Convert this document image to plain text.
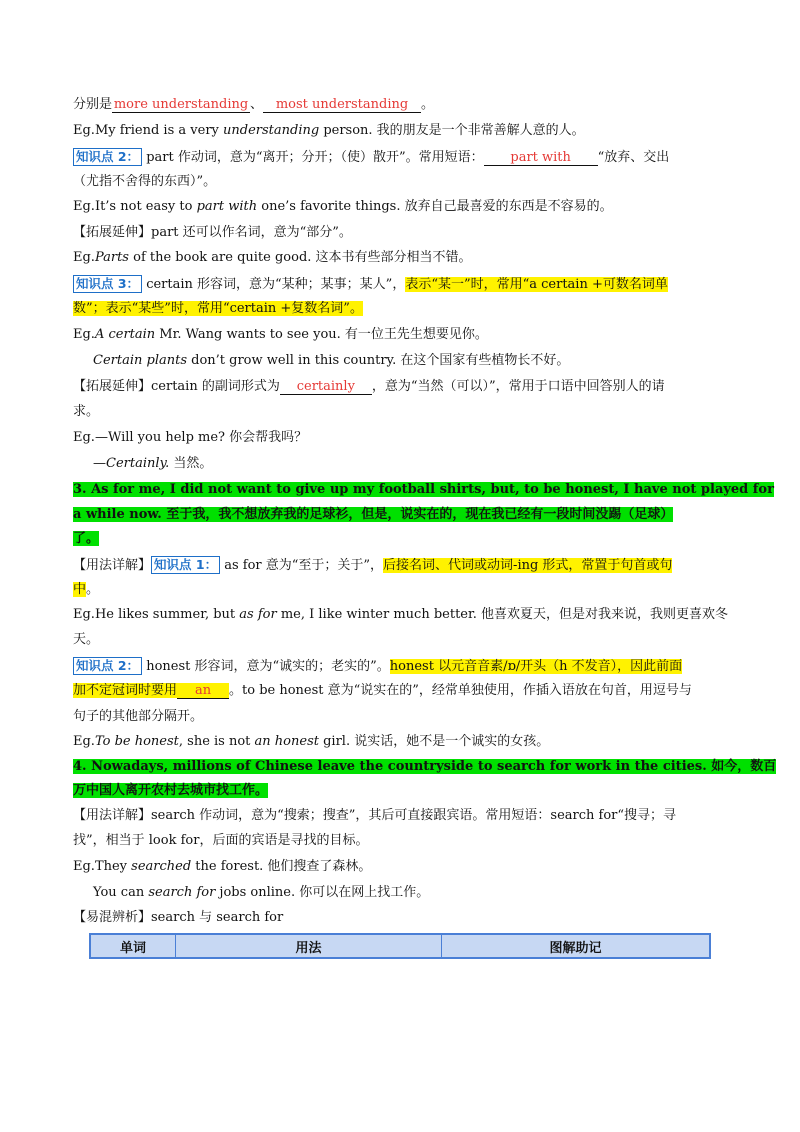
分别是 more understanding 、 most understanding 。
Eg.My friend is a very understanding person. 我的朋友是一个非常善解人意的人。
知识点 2： part 作动词，意为“离开；分开；（使）散开”。常用短语： part with “放弃、交出
（尤指不舍得的东西）”。
Eg.It’s not easy to part with one’s favorite things. 放弃自己最喜爱的东西是不容易的。
【拓展延伸】part 还可以作名词，意为“部分”。
Eg.Parts of the book are quite good. 这本书有些部分相当不错。
知识点 3： certain 形容词，意为“某种；某事；某人”，表示“某一”时，常用“a certain +可数名词单
数”；表示“某些”时，常用“certain +复数名词”。
Eg.A certain Mr. Wang wants to see you. 有一位王先生想要见你。
Certain plants don’t grow well in this country. 在这个国家有些植物长不好。
【拓展延伸】certain 的副词形式为 certainly ，意为“当然（可以）”，常用于口语中回答别人的请
求。
Eg.—Will you help me? 你会帮我吗？
—Certainly. 当然。
3. As for me, I did not want to give up my football shirts, but, to be honest, I have not played for
a while now. 至于我，我不想放弃我的足球衫，但是，说实在的，现在我已经有一段时间没踢（足球）
了。
【用法详解】 知识点 1： as for 意为“至于；关于”，后接名词、代词或动词-ing 形式，常置于句首或句
中。
Eg.He likes summer, but as for me, I like winter much better. 他喜欢夏天，但是对我来说，我则更喜欢冬
天。
知识点 2： honest 形容词，意为“诚实的；老实的”。honest 以元音音素/ɒ/开头（h 不发音），因此前面
加不定冠词时要用 an 。to be honest 意为“说实在的”，经常单独使用，作插入语放在句首，用逗号与
句子的其他部分隔开。
Eg.To be honest, she is not an honest girl. 说实话，她不是一个诚实的女孩。
4. Nowadays, millions of Chinese leave the countryside to search for work in the cities. 如今，数百
万中国人离开农村去城市找工作。
【用法详解】search 作动词，意为“搜索；搜查”，其后可直接跟宾语。常用短语：search for“搜寻；寻
找”，相当于 look for，后面的宾语是寻找的目标。
Eg.They searched the forest. 他们搜查了森林。
You can search for jobs online. 你可以在网上找工作。
【易混辨析】search 与 search for
单词	用法	图解助记
